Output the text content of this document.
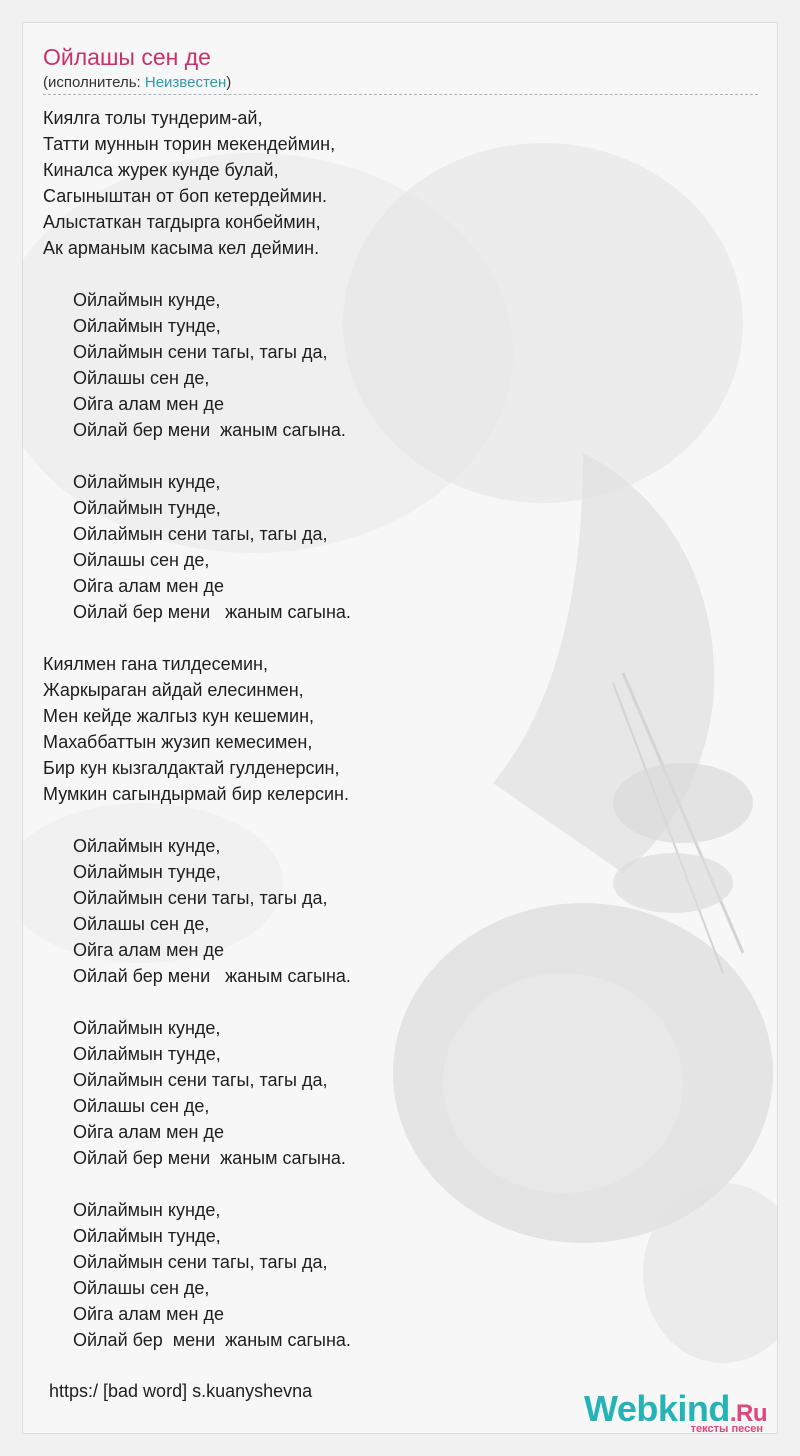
Ойлашы сен де
(исполнитель: Неизвестен)
Киялга толы тундерим-ай,
Татти муннын торин мекендеймин,
Киналса журек кунде булай,
Сагыныштан от боп кетердеймин.
Алыстаткан тагдырга конбеймин,
Ак арманым касыма кел деймин.
Ойлаймын кунде,
Ойлаймын тунде,
Ойлаймын сени тагы, тагы да,
Ойлашы сен де,
Ойга алам мен де
Ойлай бер мени  жаным сагына.
Ойлаймын кунде,
Ойлаймын тунде,
Ойлаймын сени тагы, тагы да,
Ойлашы сен де,
Ойга алам мен де
Ойлай бер мени   жаным сагына.
Киялмен гана тилдесемин,
Жаркыраган айдай елесинмен,
Мен кейде жалгыз кун кешемин,
Махаббаттын жузип кемесимен,
Бир кун кызгалдактай гулденерсин,
Мумкин сагындырмай бир келерсин.
Ойлаймын кунде,
Ойлаймын тунде,
Ойлаймын сени тагы, тагы да,
Ойлашы сен де,
Ойга алам мен де
Ойлай бер мени   жаным сагына.
Ойлаймын кунде,
Ойлаймын тунде,
Ойлаймын сени тагы, тагы да,
Ойлашы сен де,
Ойга алам мен де
Ойлай бер мени  жаным сагына.
Ойлаймын кунде,
Ойлаймын тунде,
Ойлаймын сени тагы, тагы да,
Ойлашы сен де,
Ойга алам мен де
Ойлай бер  мени  жаным сагына.
https:/ [bad word] s.kuanyshevna	Webkind.Ru
тексты песен
